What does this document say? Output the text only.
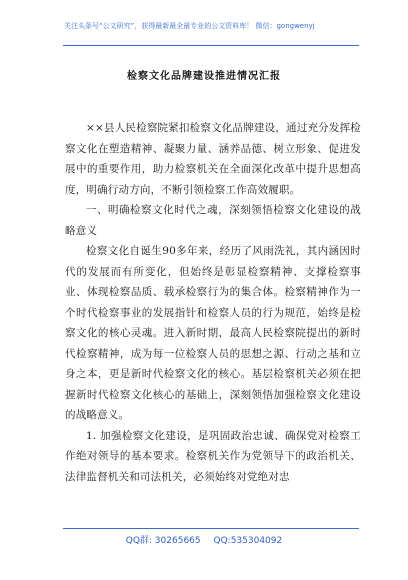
关注头条号“公文研究”，获得最新最全最专业的公文资料库！ 微信：gongwenyj
检察文化品牌建设推进情况汇报

××县人民检察院紧扣检察文化品牌建设，通过充分发挥检察文化在塑造精神、凝聚力量、涵养品德、树立形象、促进发展中的重要作用，助力检察机关在全面深化改革中提升思想高度，明确行动方向，不断引领检察工作高效履职。

一、明确检察文化时代之魂，深刻领悟检察文化建设的战略意义

检察文化自诞生90多年来，经历了风雨洗礼，其内涵因时代的发展而有所变化，但始终是彰显检察精神、支撑检察事业、体现检察品质、载承检察行为的集合体。检察精神作为一个时代检察事业的发展指针和检察人员的行为规范，始终是检察文化的核心灵魂。进入新时期，最高人民检察院提出的新时代检察精神，成为每一位检察人员的思想之源、行动之基和立身之本，更是新时代检察文化的核心。基层检察机关必须在把握新时代检察文化核心的基础上，深刻领悟加强检察文化建设的战略意义。

1. 加强检察文化建设，是巩固政治忠诚、确保党对检察工作绝对领导的基本要求。检察机关作为党领导下的政治机关、法律监督机关和司法机关，必须始终对党绝对忠

QQ群: 30265665 QQ:535304092
